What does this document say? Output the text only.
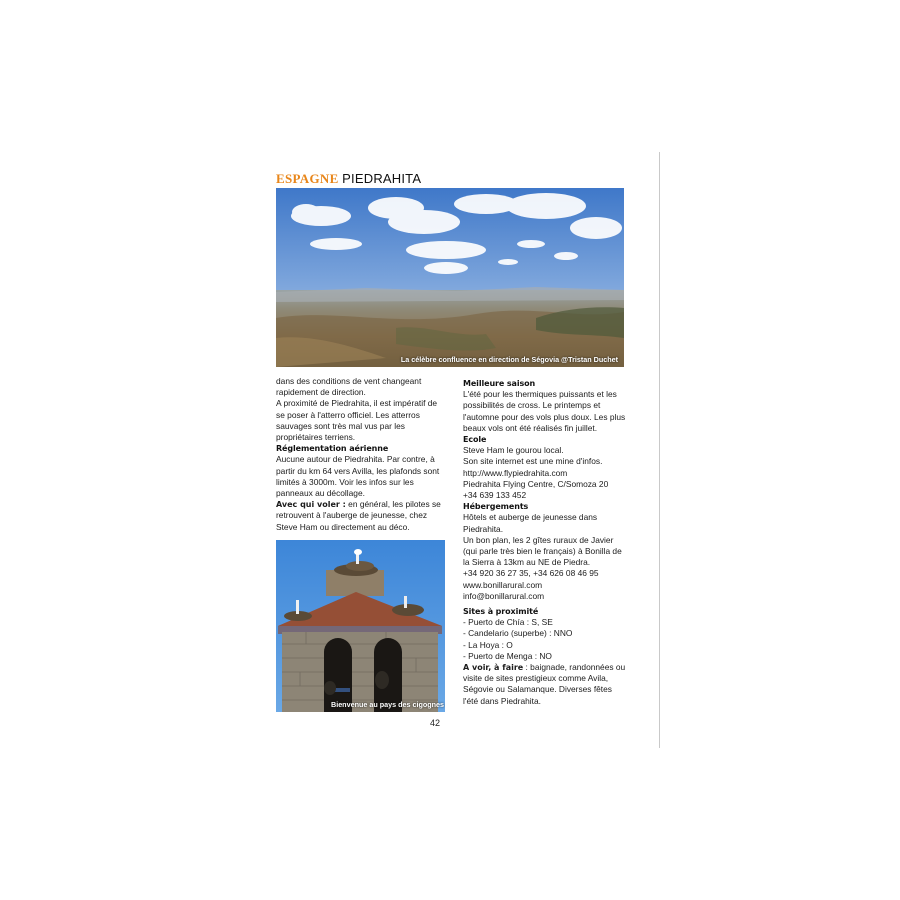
ESPAGNE PIEDRAHITA
La célèbre confluence en direction de Ségovia @Tristan Duchet

dans des conditions de vent changeant rapidement de direction.

A proximité de Piedrahita, il est impératif de se poser à l'atterro officiel. Les atterros sauvages sont très mal vus par les propriétaires terriens.

Réglementation aérienne

Aucune autour de Piedrahita. Par contre, à partir du km 64 vers Avilla, les plafonds sont limités à 3000m. Voir les infos sur les panneaux au décollage.

Avec qui voler : en général, les pilotes se retrouvent à l'auberge de jeunesse, chez Steve Ham ou directement au déco.

Bienvenue au pays des cigognes

Meilleure saison

L'été pour les thermiques puissants et les possibilités de cross. Le printemps et l'automne pour des vols plus doux. Les plus beaux vols ont été réalisés fin juillet.

Ecole

Steve Ham le gourou local.

Son site internet est une mine d'infos.

http://www.flypiedrahita.com

Piedrahita Flying Centre, C/Somoza 20

+34 639 133 452

Hébergements

Hôtels et auberge de jeunesse dans Piedrahita.

Un bon plan, les 2 gîtes ruraux de Javier (qui parle très bien le français) à Bonilla de la Sierra à 13km au NE de Piedra.

+34 920 36 27 35, +34 626 08 46 95

www.bonillarural.com

info@bonillarural.com

Sites à proximité

- Puerto de Chía : S, SE

- Candelario (superbe) : NNO

- La Hoya : O

- Puerto de Menga : NO

A voir, à faire : baignade, randonnées ou visite de sites prestigieux comme Avila, Ségovie ou Salamanque. Diverses fêtes l'été dans Piedrahita.

42
